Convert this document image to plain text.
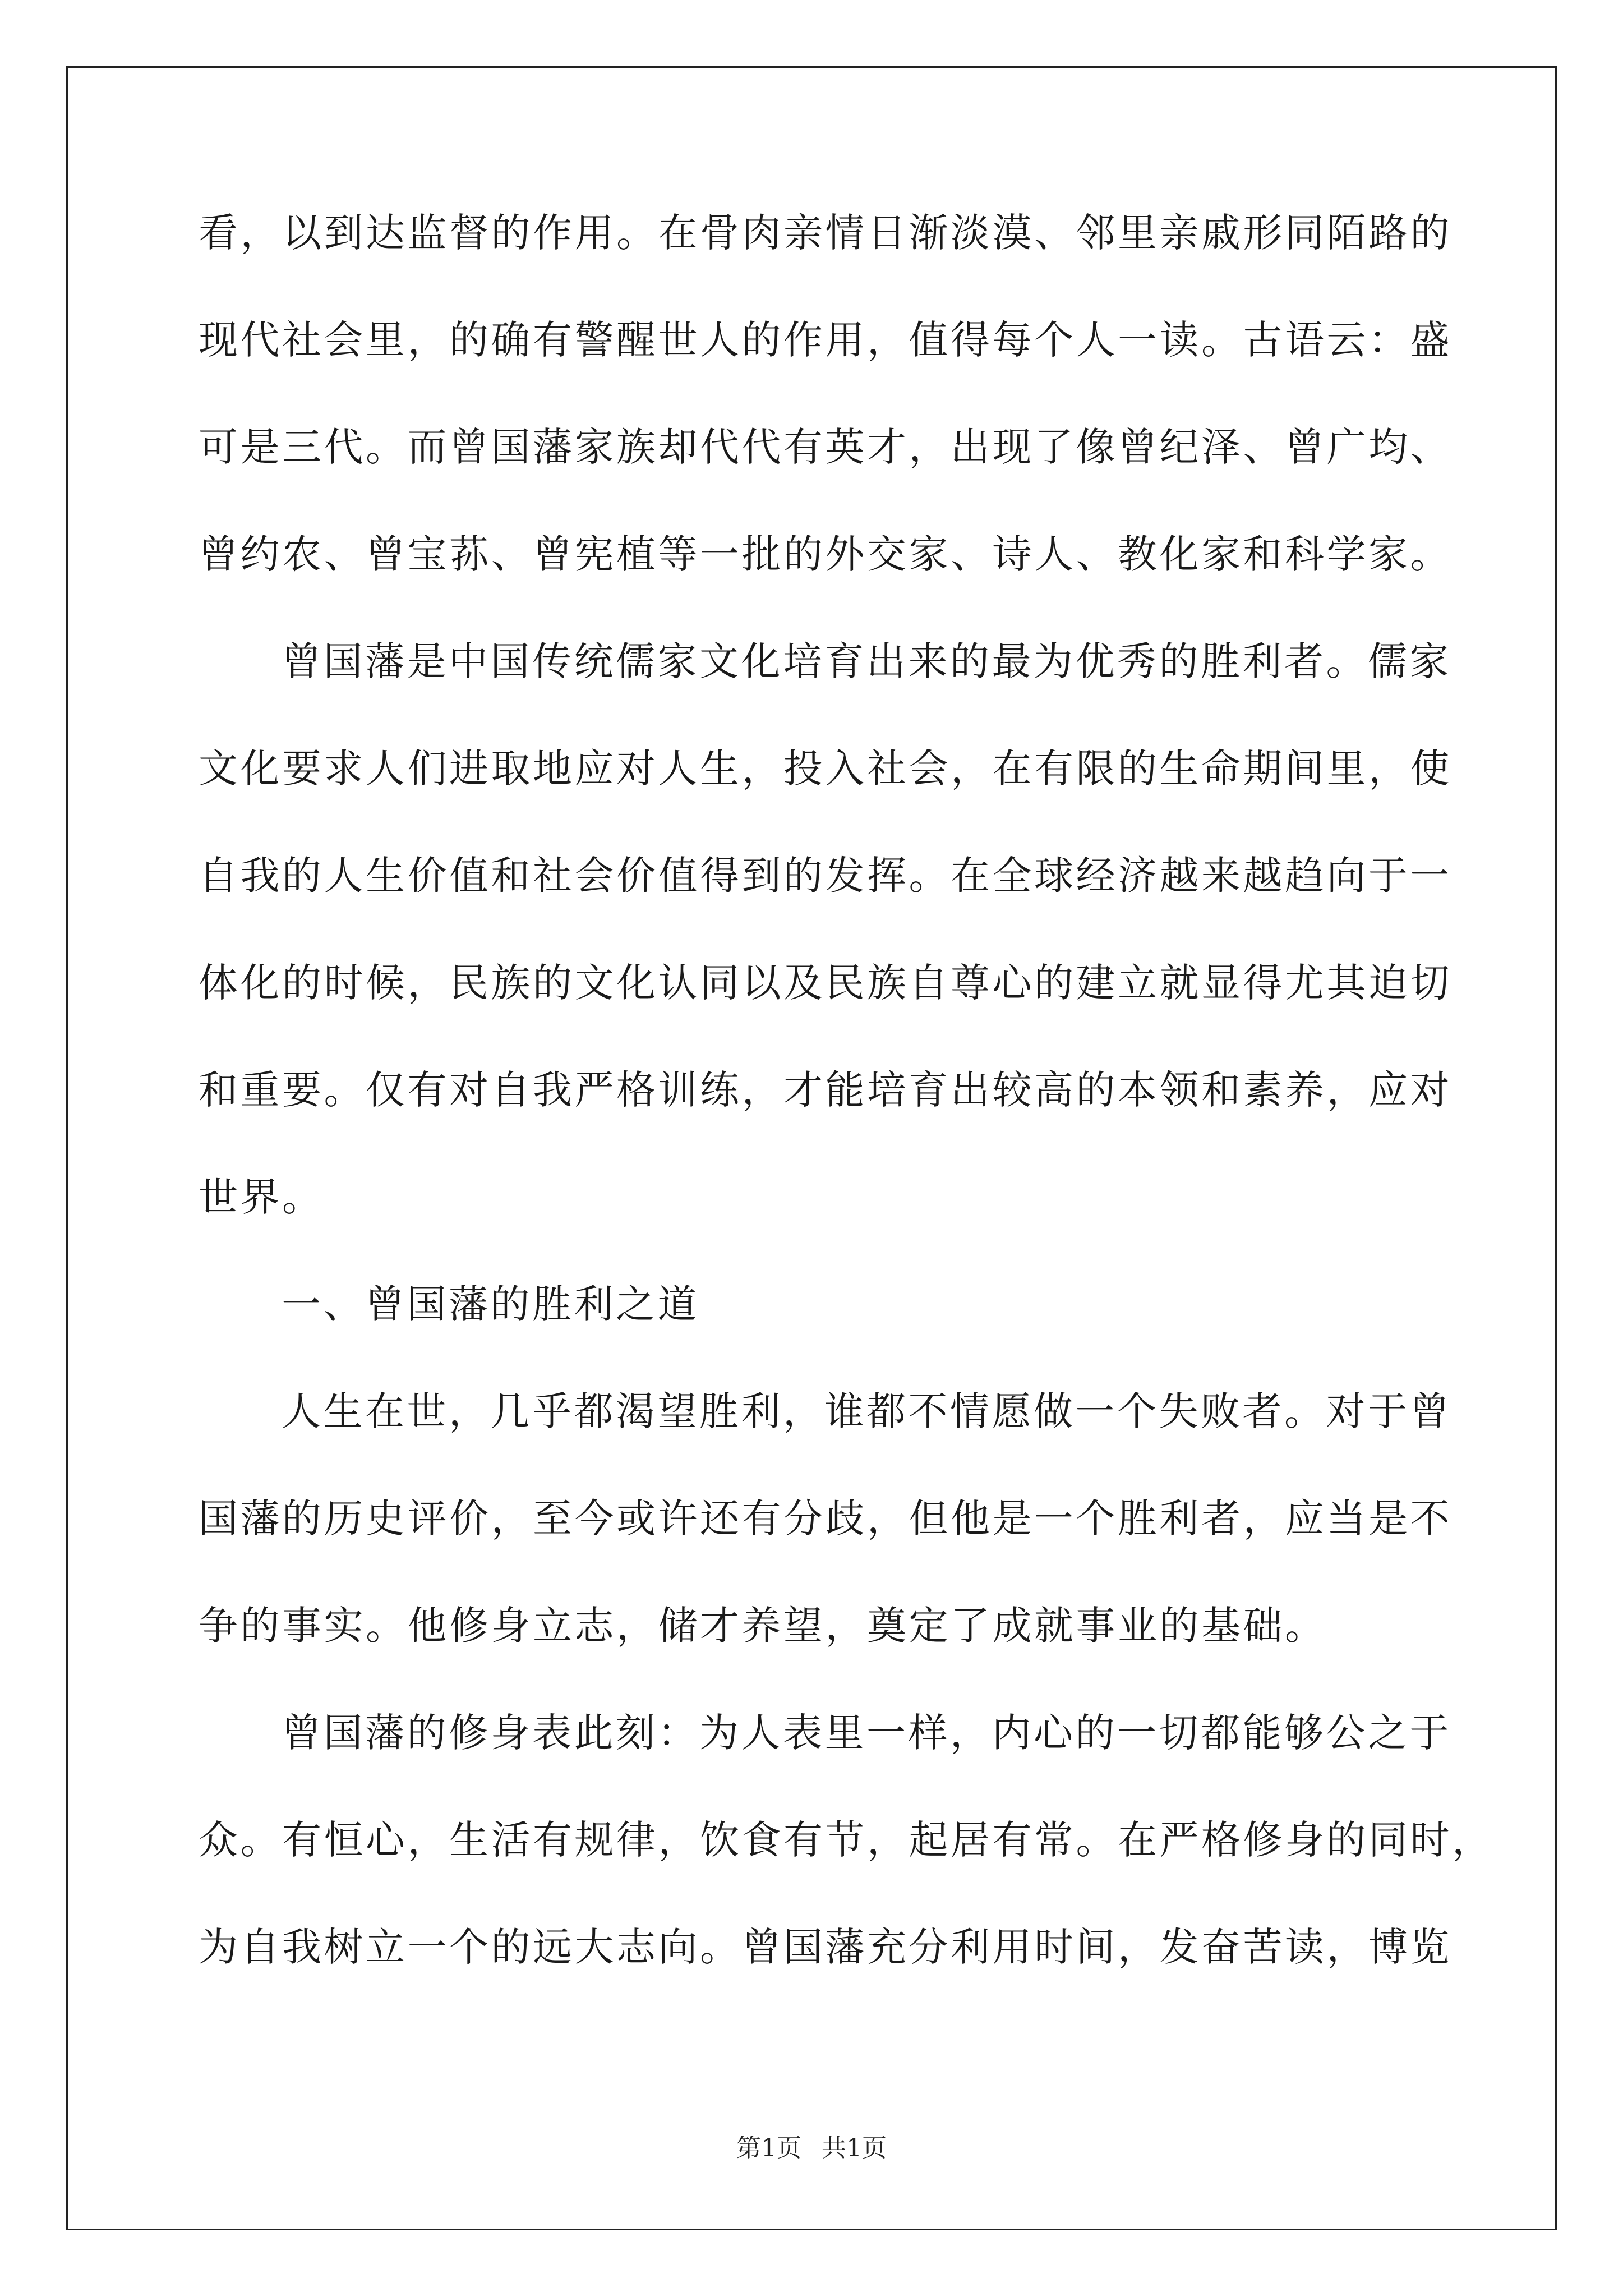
看，以到达监督的作用。在骨肉亲情日渐淡漠、邻里亲戚形同陌路的
现代社会里，的确有警醒世人的作用，值得每个人一读。古语云：盛
可是三代。而曾国藩家族却代代有英才，出现了像曾纪泽、曾广均、
曾约农、曾宝荪、曾宪植等一批的外交家、诗人、教化家和科学家。
曾国藩是中国传统儒家文化培育出来的最为优秀的胜利者。儒家
文化要求人们进取地应对人生，投入社会，在有限的生命期间里，使
自我的人生价值和社会价值得到的发挥。在全球经济越来越趋向于一
体化的时候，民族的文化认同以及民族自尊心的建立就显得尤其迫切
和重要。仅有对自我严格训练，才能培育出较高的本领和素养，应对
世界。
一、曾国藩的胜利之道
人生在世，几乎都渴望胜利，谁都不情愿做一个失败者。对于曾
国藩的历史评价，至今或许还有分歧，但他是一个胜利者，应当是不
争的事实。他修身立志，储才养望，奠定了成就事业的基础。
曾国藩的修身表此刻：为人表里一样，内心的一切都能够公之于
众。有恒心，生活有规律，饮食有节，起居有常。在严格修身的同时，
为自我树立一个的远大志向。曾国藩充分利用时间，发奋苦读，博览
第1页 共1页
